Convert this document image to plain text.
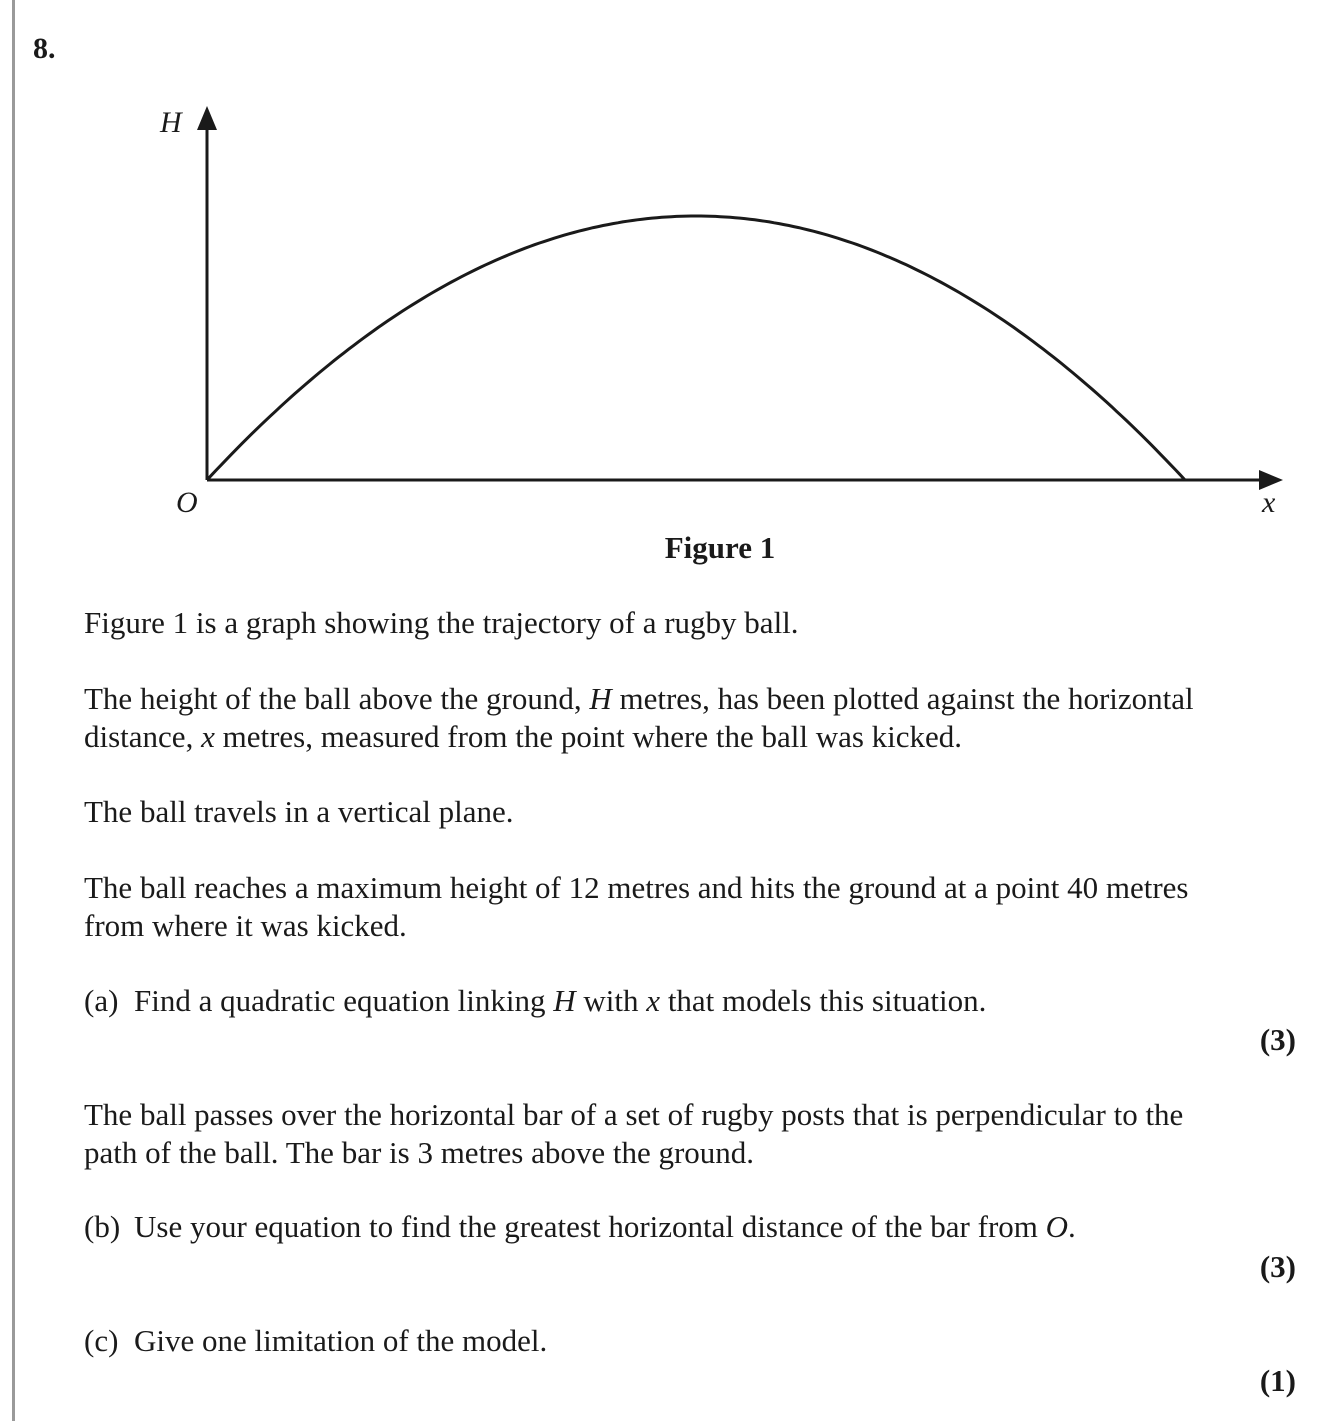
8.
H
x
O
Figure 1

Figure 1 is a graph showing the trajectory of a rugby ball.

The height of the ball above the ground, H metres, has been plotted against the horizontal
distance, x metres, measured from the point where the ball was kicked.

The ball travels in a vertical plane.

The ball reaches a maximum height of 12 metres and hits the ground at a point 40 metres
from where it was kicked.

(a) Find a quadratic equation linking H with x that models this situation.

(3)

The ball passes over the horizontal bar of a set of rugby posts that is perpendicular to the
path of the ball. The bar is 3 metres above the ground.

(b) Use your equation to find the greatest horizontal distance of the bar from O.

(3)

(c) Give one limitation of the model.

(1)
